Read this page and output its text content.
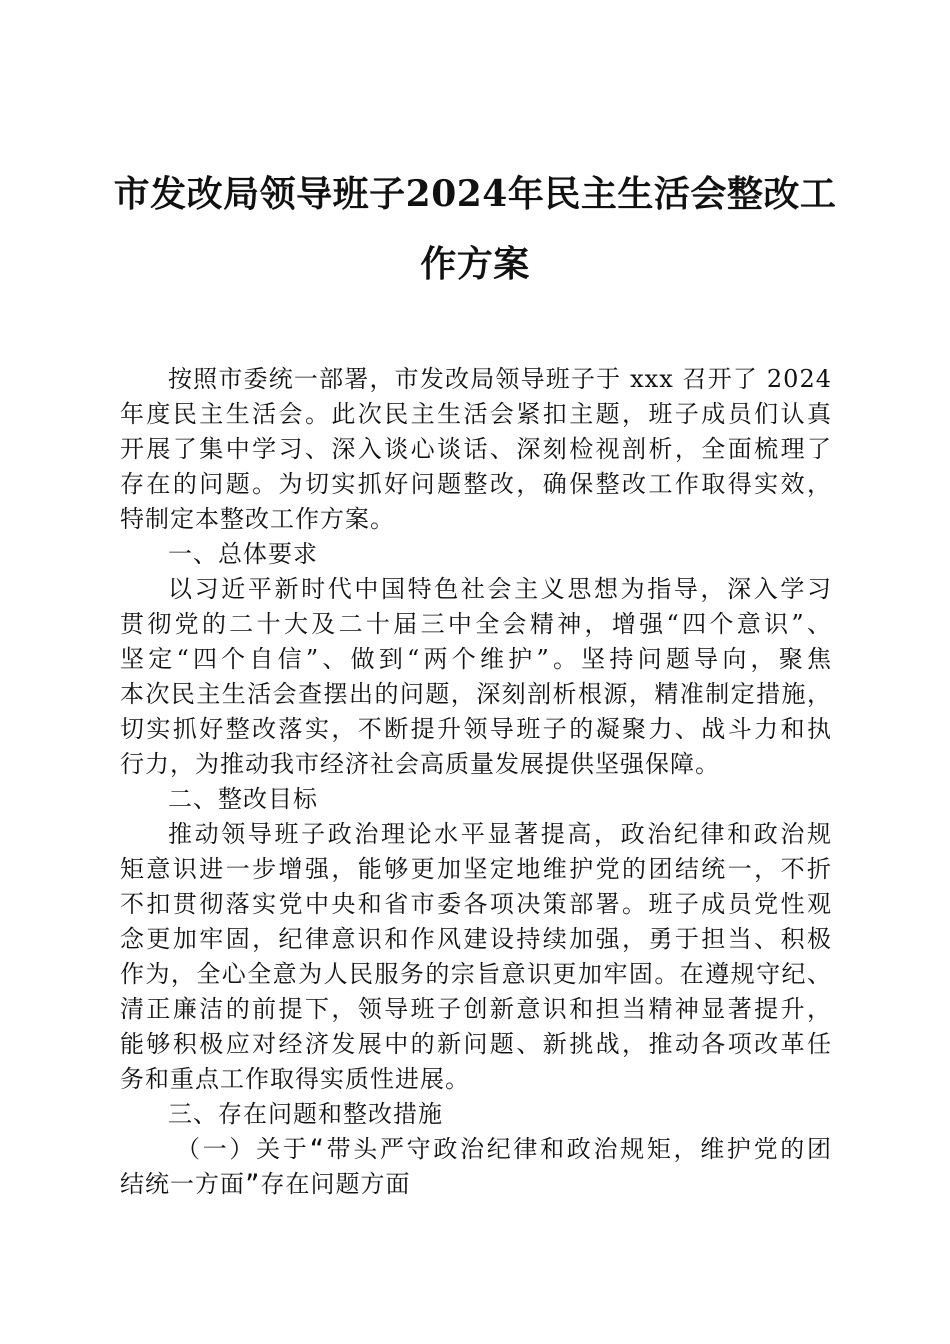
市发改局领导班子2024年民主生活会整改工
作方案
按照市委统一部署，市发改局领导班子于 xxx 召开了 2024
年度民主生活会。此次民主生活会紧扣主题，班子成员们认真
开展了集中学习、深入谈心谈话、深刻检视剖析，全面梳理了
存在的问题。为切实抓好问题整改，确保整改工作取得实效，
特制定本整改工作方案。
一、总体要求
以习近平新时代中国特色社会主义思想为指导，深入学习
贯彻党的二十大及二十届三中全会精神，增强“四个意识”、
坚定“四个自信”、做到“两个维护”。坚持问题导向，聚焦
本次民主生活会查摆出的问题，深刻剖析根源，精准制定措施，
切实抓好整改落实，不断提升领导班子的凝聚力、战斗力和执
行力，为推动我市经济社会高质量发展提供坚强保障。
二、整改目标
推动领导班子政治理论水平显著提高，政治纪律和政治规
矩意识进一步增强，能够更加坚定地维护党的团结统一，不折
不扣贯彻落实党中央和省市委各项决策部署。班子成员党性观
念更加牢固，纪律意识和作风建设持续加强，勇于担当、积极
作为，全心全意为人民服务的宗旨意识更加牢固。在遵规守纪、
清正廉洁的前提下，领导班子创新意识和担当精神显著提升，
能够积极应对经济发展中的新问题、新挑战，推动各项改革任
务和重点工作取得实质性进展。
三、存在问题和整改措施
（一）关于“带头严守政治纪律和政治规矩，维护党的团
结统一方面”存在问题方面
